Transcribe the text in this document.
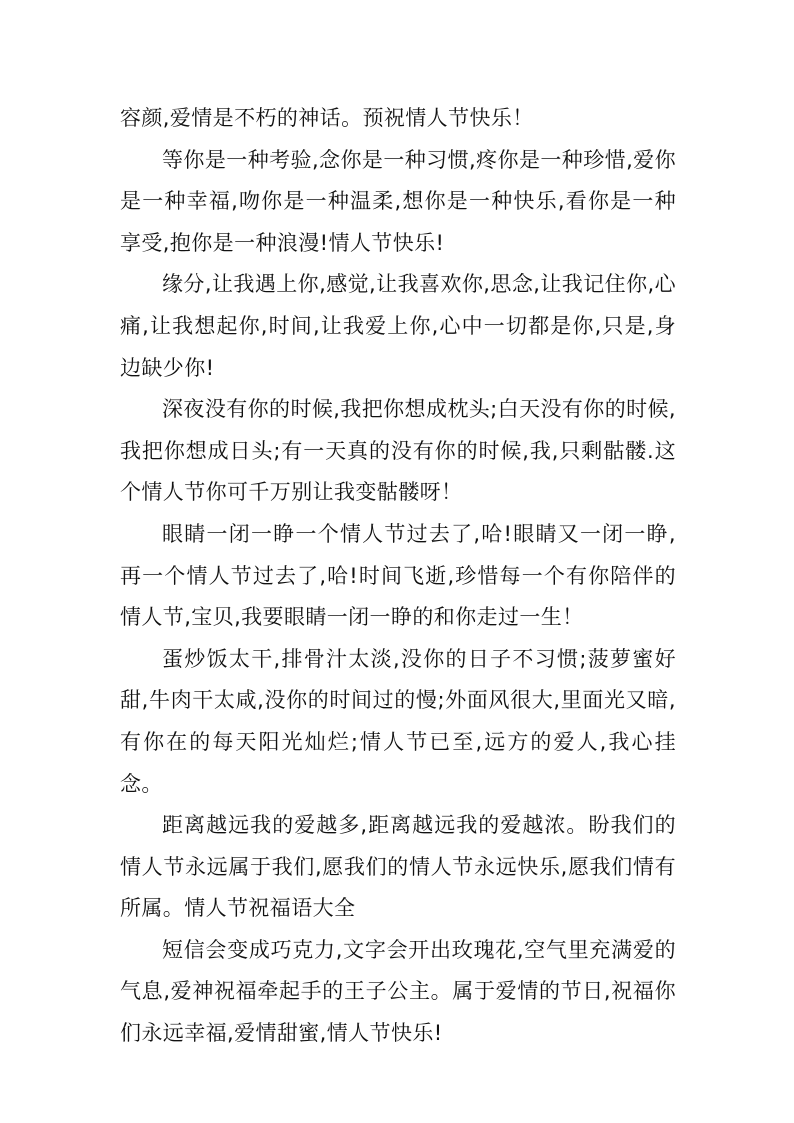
容颜,爱情是不朽的神话。预祝情人节快乐！

等你是一种考验,念你是一种习惯,疼你是一种珍惜,爱你是一种幸福,吻你是一种温柔,想你是一种快乐,看你是一种享受,抱你是一种浪漫!情人节快乐!

缘分,让我遇上你,感觉,让我喜欢你,思念,让我记住你,心痛,让我想起你,时间,让我爱上你,心中一切都是你,只是,身边缺少你!

深夜没有你的时候,我把你想成枕头;白天没有你的时候,我把你想成日头;有一天真的没有你的时候,我,只剩骷髅.这个情人节你可千万别让我变骷髅呀！

眼睛一闭一睁一个情人节过去了,哈!眼睛又一闭一睁,再一个情人节过去了,哈!时间飞逝,珍惜每一个有你陪伴的情人节,宝贝,我要眼睛一闭一睁的和你走过一生！

蛋炒饭太干,排骨汁太淡,没你的日子不习惯;菠萝蜜好甜,牛肉干太咸,没你的时间过的慢;外面风很大,里面光又暗,有你在的每天阳光灿烂;情人节已至,远方的爱人,我心挂念。

距离越远我的爱越多,距离越远我的爱越浓。盼我们的情人节永远属于我们,愿我们的情人节永远快乐,愿我们情有所属。情人节祝福语大全

短信会变成巧克力,文字会开出玫瑰花,空气里充满爱的气息,爱神祝福牵起手的王子公主。属于爱情的节日,祝福你们永远幸福,爱情甜蜜,情人节快乐!
